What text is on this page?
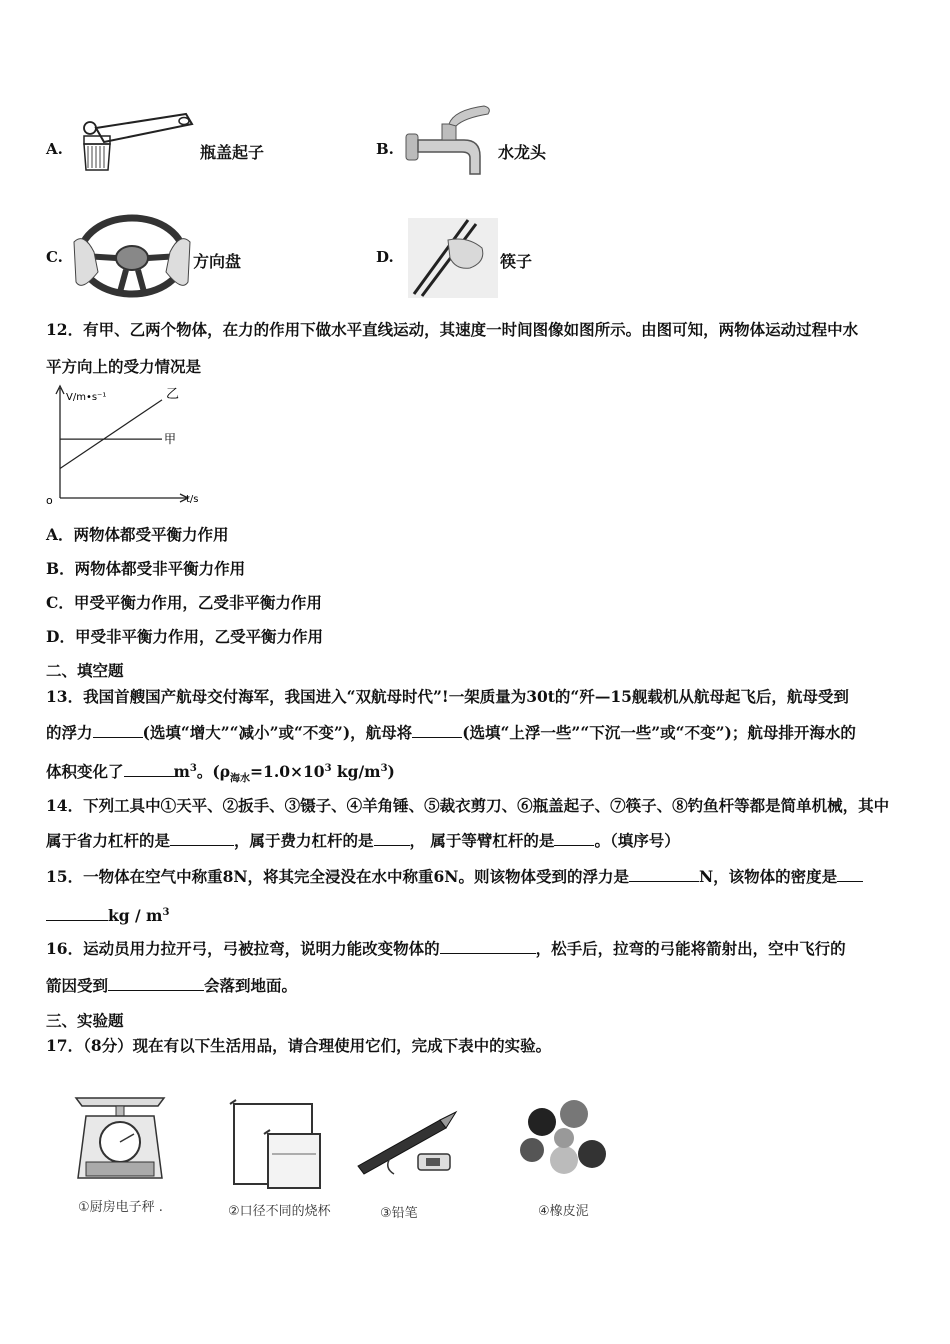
A.	瓶盖起子	B.	水龙头
C.	方向盘	D.	筷子
12．有甲、乙两个物体，在力的作用下做水平直线运动，其速度一时间图像如图所示。由图可知，两物体运动过程中水
平方向上的受力情况是
V/m•s⁻¹
t/s
o
乙
甲
A．两物体都受平衡力作用
B．两物体都受非平衡力作用
C．甲受平衡力作用，乙受非平衡力作用
D．甲受非平衡力作用，乙受平衡力作用
二、填空题
13．我国首艘国产航母交付海军，我国进入“双航母时代”!一架质量为30t的“歼—15舰载机从航母起飞后，航母受到
的浮力	(选填“增大”“减小”或“不变”)，航母将	(选填“上浮一些”“下沉一些”或“不变”)；航母排开海水的
体积变化了	$m^3$。($\rho_{海水}=1.0\times 10^3$ $kg/m^3$)
14．下列工具中①天平、②扳手、③镊子、④羊角锤、⑤裁衣剪刀、⑥瓶盖起子、⑦筷子、⑧钓鱼杆等都是简单机械，其中
属于省力杠杆的是	，属于费力杠杆的是 ， 属于等臂杠杆的是	。（填序号）
15．一物体在空气中称重8N，将其完全浸没在水中称重6N。则该物体受到的浮力是	N，该物体的密度是
kg / $m^3$
16．运动员用力拉开弓，弓被拉弯，说明力能改变物体的	，松手后，拉弯的弓能将箭射出，空中飞行的
箭因受到	会落到地面。
三、实验题
17．（8分）现在有以下生活用品，请合理使用它们，完成下表中的实验。
①厨房电子秤 .	②口径不同的烧杯	③铅笔	④橡皮泥
